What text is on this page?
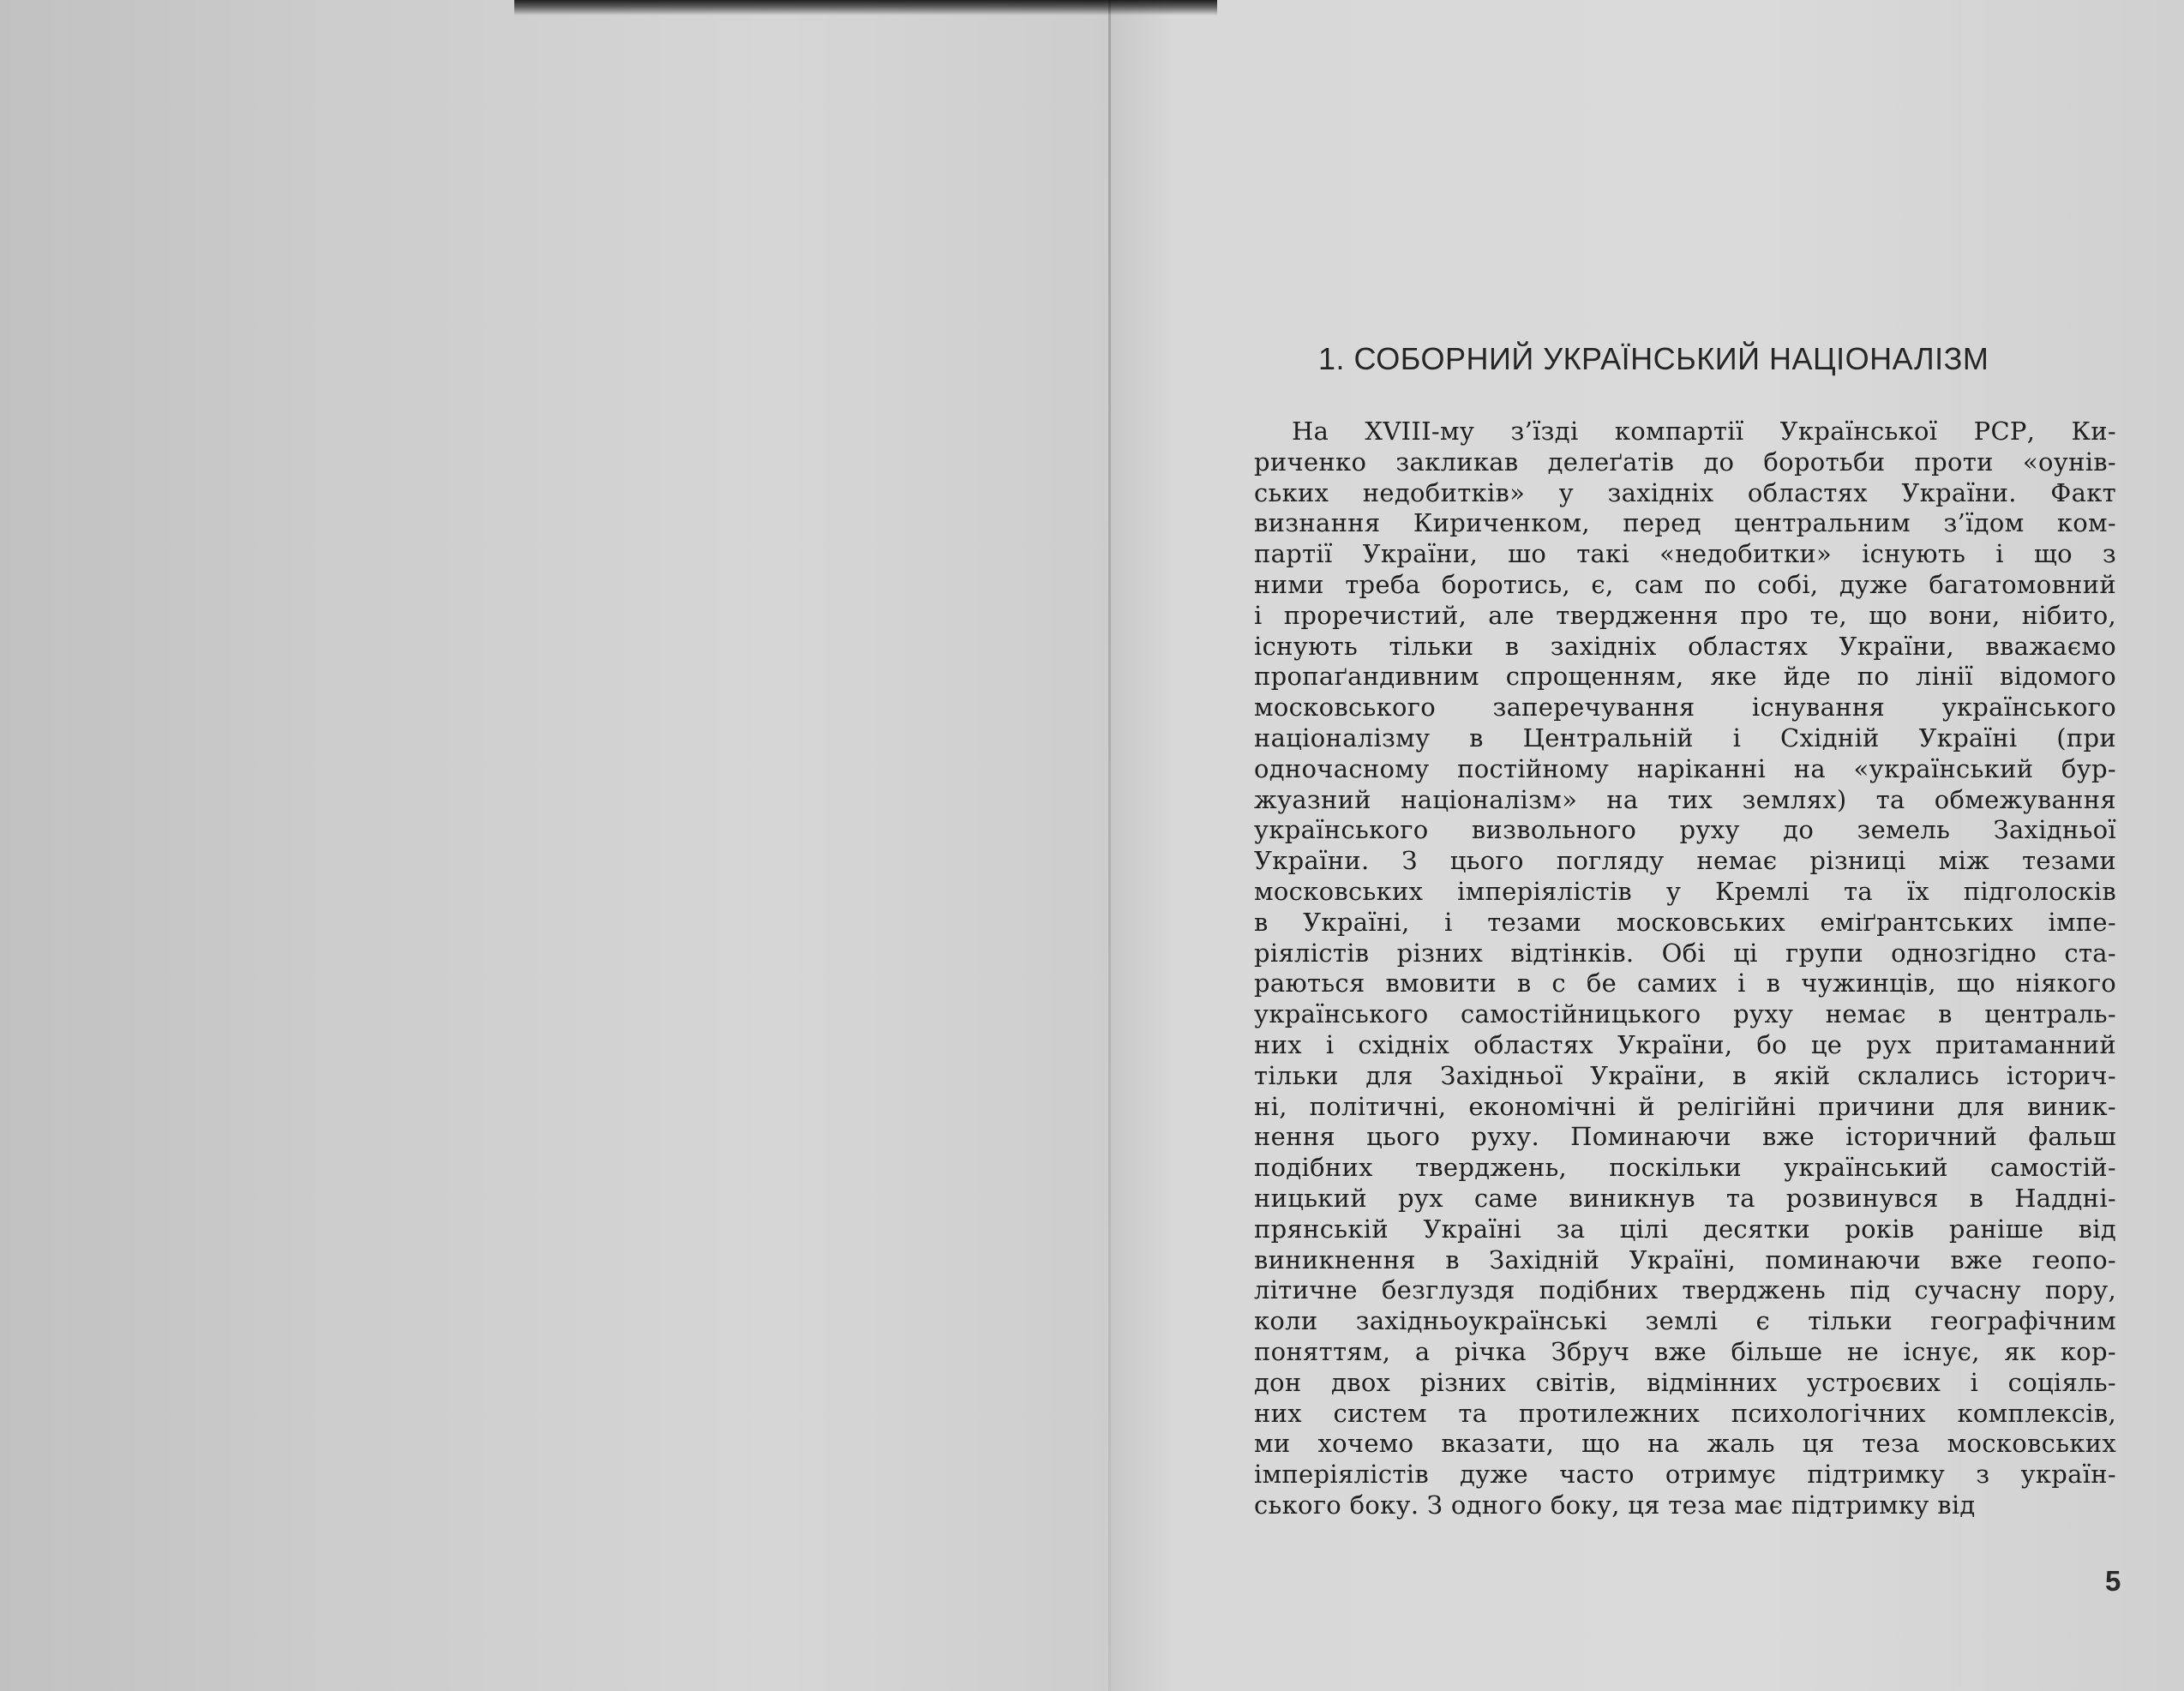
1. СОБОРНИЙ УКРАЇНСЬКИЙ НАЦІОНАЛІЗМ
На XVIII-му з’їзді компартії Української РСР, Ки-
риченко закликав делеґатів до боротьби проти «оунів-
ських недобитків» у західніх областях України. Факт
визнання Кириченком, перед центральним з’їдом ком-
партії України, шо такі «недобитки» існують і що з
ними треба боротись, є, сам по собі, дуже багатомовний
і проречистий, але твердження про те, що вони, нібито,
існують тільки в західніх областях України, вважаємо
пропаґандивним спрощенням, яке йде по лінії відомого
московського заперечування існування українського
націоналізму в Центральній і Східній Україні (при
одночасному постійному наріканні на «український бур-
жуазний націоналізм» на тих землях) та обмежування
українського визвольного руху до земель Західньої
України. З цього погляду немає різниці між тезами
московських імперіялістів у Кремлі та їх підголосків
в Україні, і тезами московських еміґрантських імпе-
ріялістів різних відтінків. Обі ці групи однозгідно ста-
раються вмовити в с бе самих і в чужинців, що ніякого
українського самостійницького руху немає в централь-
них і східніх областях України, бо це рух притаманний
тільки для Західньої України, в якій склались історич-
ні, політичні, економічні й релігійні причини для виник-
нення цього руху. Поминаючи вже історичний фальш
подібних тверджень, поскільки український самостій-
ницький рух саме виникнув та розвинувся в Наддні-
прянській Україні за цілі десятки років раніше від
виникнення в Західній Україні, поминаючи вже геопо-
літичне безглуздя подібних тверджень під сучасну пору,
коли західньоукраїнські землі є тільки географічним
поняттям, а річка Збруч вже більше не існує, як кор-
дон двох різних світів, відмінних устроєвих і соціяль-
них систем та протилежних психологічних комплексів,
ми хочемо вказати, що на жаль ця теза московських
імперіялістів дуже часто отримує підтримку з україн-
ського боку. З одного боку, ця теза має підтримку від
5
